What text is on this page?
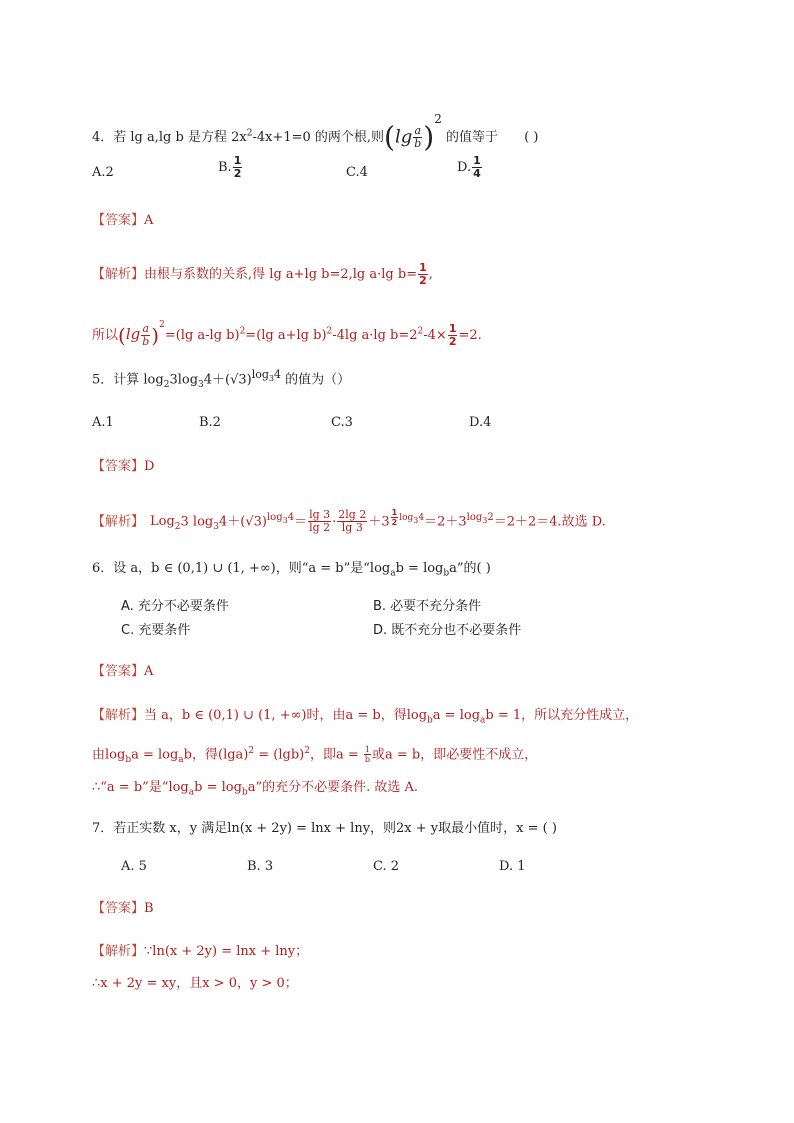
4．若 lg a,lg b 是方程 $2x^2-4x+1=0$ 的两个根,则$(\lg \frac{a}{b} )^2$ 的值等于 ( )
A.2	B. $\frac{1}{2}$	C.4	D. $\frac{1}{4}$
【答案】A
【解析】由根与系数的关系,得 lg a+lg b=2,lg a·lg $b= \frac{1}{2}$ ,
所以$(\lg \frac{a}{b} )^2=(\lg$ a-lg b)$^2$=(lg a+lg b)$^2$-4lg a·lg $b=2^2-4\times \frac{1}{2} =2$.
5．计算 $\log_23\log_34+(√3)^{log_34}$ 的值为（）
A.1	B.2	C.3	D.4
【答案】D
【解析】 Log$_2$3 $\log_34+(√3)^{log_34}= \frac{\lg 3}{\lg 2} \cdot \frac{2\lg 2}{\lg 3} +3$ $^{\frac{1}{2} log_34}=2+3^{log_32}=2+2=4$.故选 D.
6．设 a，b ∈ (0,1) ∪ (1, +∞)，则“a = b”是“$\log_ab = \log_ba$”的( )
A. 充分不必要条件	B. 必要不充分条件
C. 充要条件	D. 既不充分也不必要条件
【答案】A
【解析】当 a，b ∈ (0,1) ∪ (1, +∞)时，由a = b，得$\log_ba = \log_ab = 1$，所以充分性成立，
由$\log_ba = \log_ab$，得$(\lg a)^2 = (\lg b)^2$，即$a = \frac{1}{b}$ 或a = b，即必要性不成立，
∴“a = b”是“$\log_ab = \log_ba$”的充分不必要条件. 故选 A.
7．若正实数 x，y 满足ln(x + 2y) = lnx + lny，则2x + y取最小值时，x = ( )
A. 5	B. 3	C. 2	D. 1
【答案】B
【解析】∵ln(x + 2y) = lnx + lny；
∴x + 2y = xy，且x > 0，y > 0；
